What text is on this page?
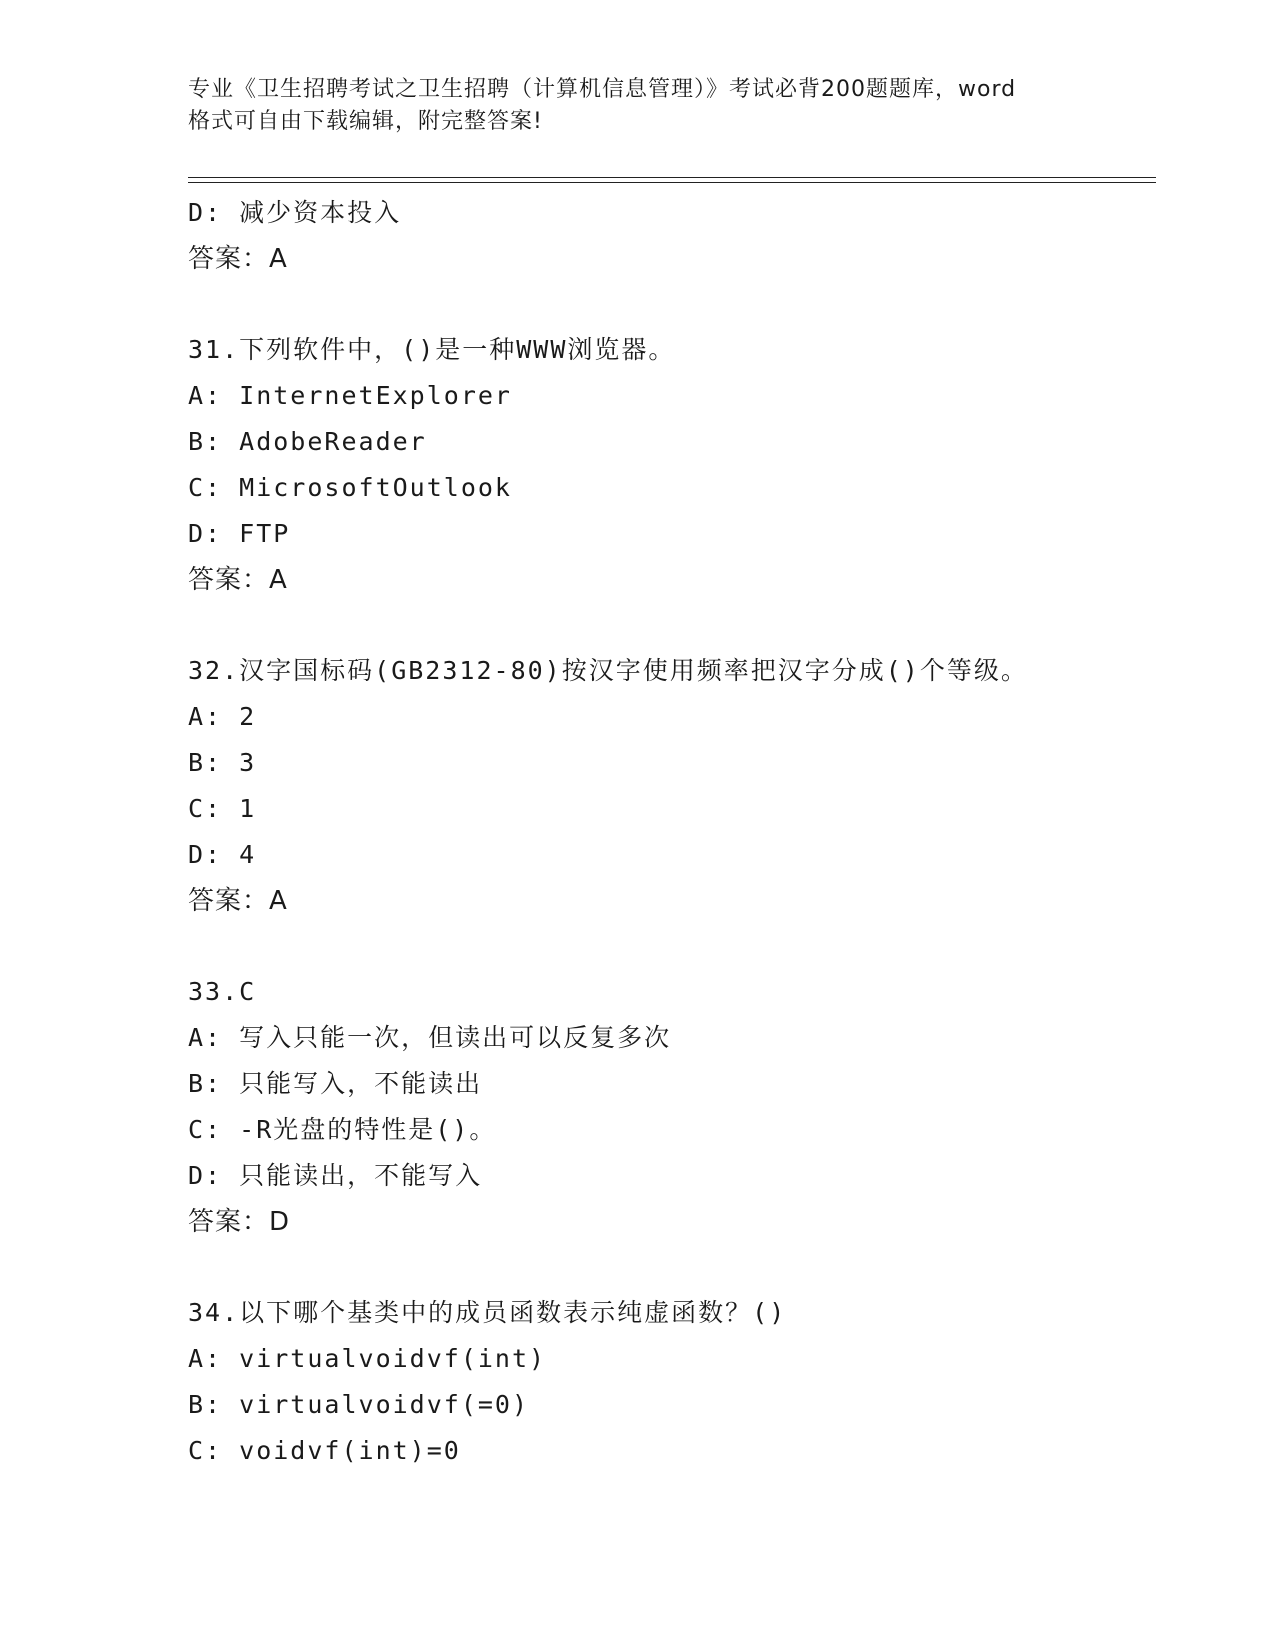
专业《卫生招聘考试之卫生招聘（计算机信息管理）》考试必背200题题库，word
格式可自由下载编辑，附完整答案!
D: 减少资本投入
答案：A
31.下列软件中，()是一种WWW浏览器。
A: InternetExplorer
B: AdobeReader
C: MicrosoftOutlook
D: FTP
答案：A
32.汉字国标码(GB2312-80)按汉字使用频率把汉字分成()个等级。
A: 2
B: 3
C: 1
D: 4
答案：A
33.C
A: 写入只能一次，但读出可以反复多次
B: 只能写入，不能读出
C: -R光盘的特性是()。
D: 只能读出，不能写入
答案：D
34.以下哪个基类中的成员函数表示纯虚函数？()
A: virtualvoidvf(int)
B: virtualvoidvf(=0)
C: voidvf(int)=0
